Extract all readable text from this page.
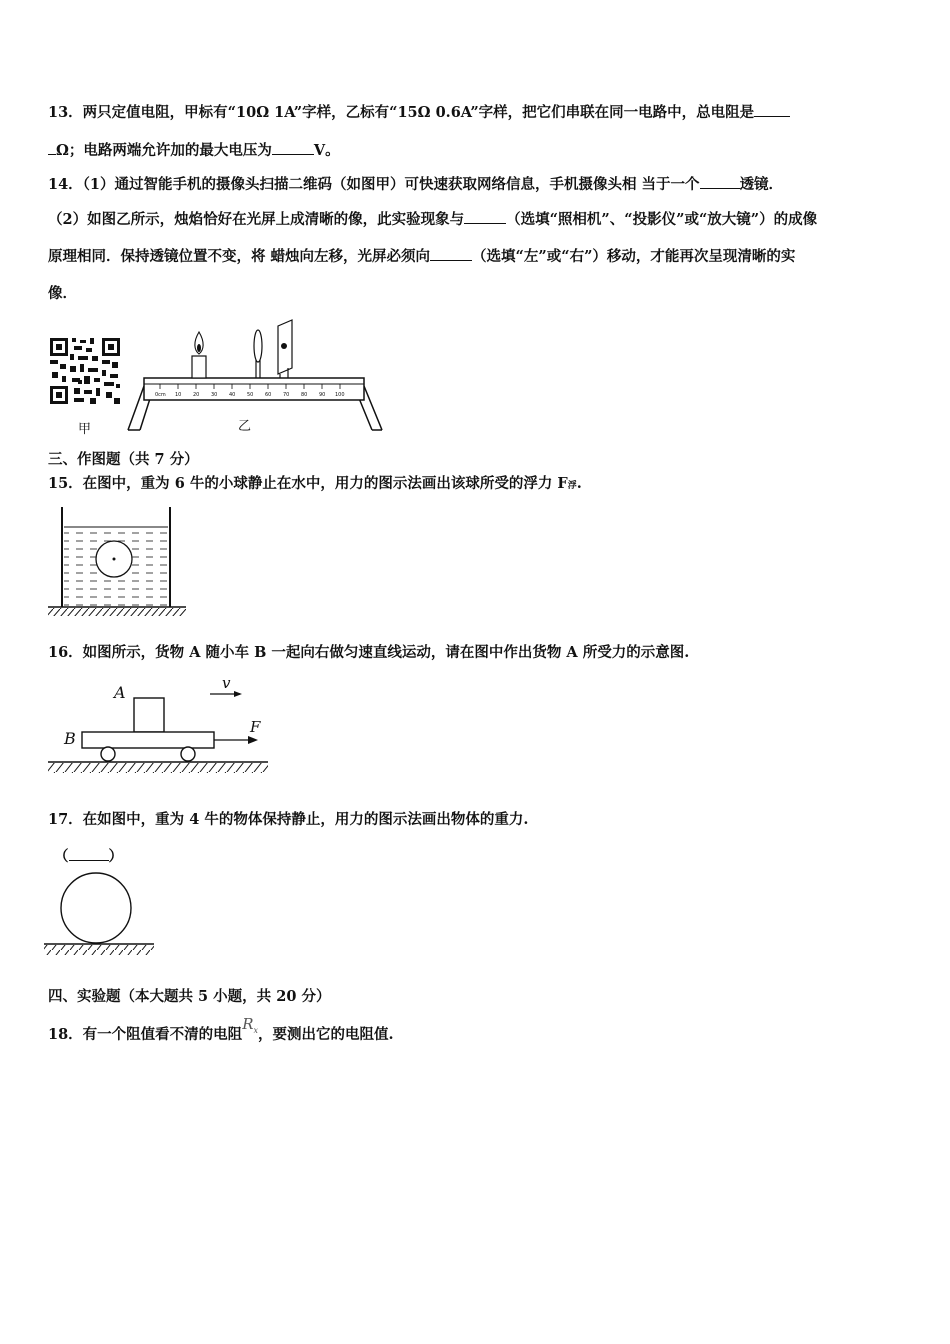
13．两只定值电阻，甲标有“10Ω 1A”字样，乙标有“15Ω 0.6A”字样，把它们串联在同一电路中，总电阻是
Ω；电路两端允许加的最大电压为	V。
14．（1）通过智能手机的摄像头扫描二维码（如图甲）可快速获取网络信息，手机摄像头相 当于一个	透镜．
（2）如图乙所示，烛焰恰好在光屏上成清晰的像，此实验现象与	（选填“照相机”、“投影仪”或“放大镜”）的成像
原理相同．保持透镜位置不变，将 蜡烛向左移，光屏必须向	（选填“左”或“右”）移动，才能再次呈现清晰的实
像．
甲
0cm 10 20 30 40 50 60 70 80 90 100
乙
三、作图题（共 7 分）
15．在图中，重为 6 牛的小球静止在水中，用力的图示法画出该球所受的浮力 F浮.
16．如图所示，货物 A 随小车 B 一起向右做匀速直线运动，请在图中作出货物 A 所受力的示意图.
A	v
B
F
17．在如图中，重为 4 牛的物体保持静止，用力的图示法画出物体的重力.
（	）
四、实验题（本大题共 5 小题，共 20 分）
18．有一个阻值看不清的电阻$R^x$，要测出它的电阻值.
